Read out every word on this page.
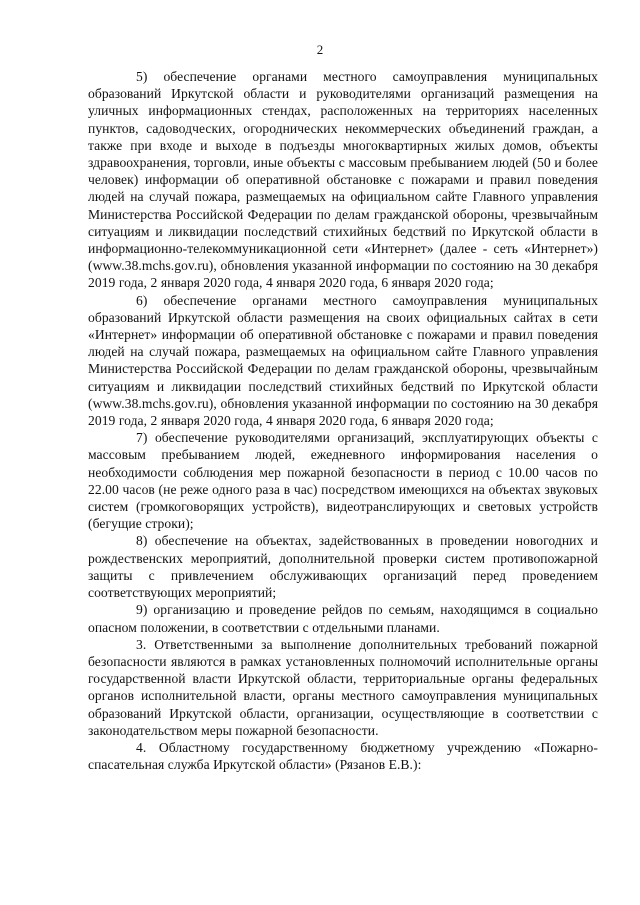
2

5) обеспечение органами местного самоуправления муниципальных образований Иркутской области и руководителями организаций размещения на уличных информационных стендах, расположенных на территориях населенных пунктов, садоводческих, огороднических некоммерческих объединений граждан, а также при входе и выходе в подъезды многоквартирных жилых домов, объекты здравоохранения, торговли, иные объекты с массовым пребыванием людей (50 и более человек) информации об оперативной обстановке с пожарами и правил поведения людей на случай пожара, размещаемых на официальном сайте Главного управления Министерства Российской Федерации по делам гражданской обороны, чрезвычайным ситуациям и ликвидации последствий стихийных бедствий по Иркутской области в информационно-телекоммуникационной сети «Интернет» (далее - сеть «Интернет») (www.38.mchs.gov.ru), обновления указанной информации по состоянию на 30 декабря 2019 года, 2 января 2020 года, 4 января 2020 года, 6 января 2020 года;

6) обеспечение органами местного самоуправления муниципальных образований Иркутской области размещения на своих официальных сайтах в сети «Интернет» информации об оперативной обстановке с пожарами и правил поведения людей на случай пожара, размещаемых на официальном сайте Главного управления Министерства Российской Федерации по делам гражданской обороны, чрезвычайным ситуациям и ликвидации последствий стихийных бедствий по Иркутской области (www.38.mchs.gov.ru), обновления указанной информации по состоянию на 30 декабря 2019 года, 2 января 2020 года, 4 января 2020 года, 6 января 2020 года;

7) обеспечение руководителями организаций, эксплуатирующих объекты с массовым пребыванием людей, ежедневного информирования населения о необходимости соблюдения мер пожарной безопасности в период с 10.00 часов по 22.00 часов (не реже одного раза в час) посредством имеющихся на объектах звуковых систем (громкоговорящих устройств), видеотранслирующих и световых устройств (бегущие строки);

8) обеспечение на объектах, задействованных в проведении новогодних и рождественских мероприятий, дополнительной проверки систем противопожарной защиты с привлечением обслуживающих организаций перед проведением соответствующих мероприятий;

9) организацию и проведение рейдов по семьям, находящимся в социально опасном положении, в соответствии с отдельными планами.

3. Ответственными за выполнение дополнительных требований пожарной безопасности являются в рамках установленных полномочий исполнительные органы государственной власти Иркутской области, территориальные органы федеральных органов исполнительной власти, органы местного самоуправления муниципальных образований Иркутской области, организации, осуществляющие в соответствии с законодательством меры пожарной безопасности.

4. Областному государственному бюджетному учреждению «Пожарно-спасательная служба Иркутской области» (Рязанов Е.В.):
